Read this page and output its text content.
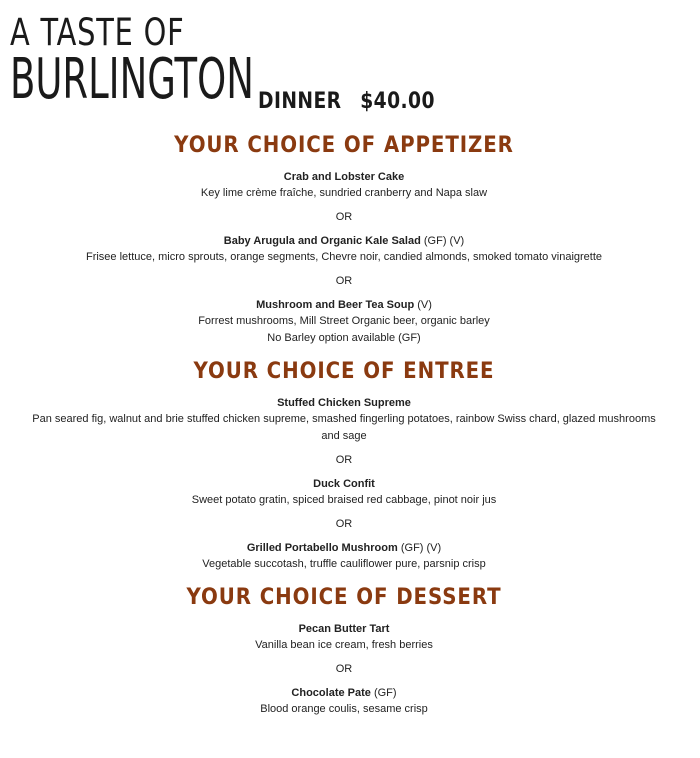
A TASTE OF
BURLINGTON DINNER $40.00
YOUR CHOICE OF APPETIZER
Crab and Lobster Cake
Key lime crème fraîche, sundried cranberry and Napa slaw
OR
Baby Arugula and Organic Kale Salad (GF) (V)
Frisee lettuce, micro sprouts, orange segments, Chevre noir, candied almonds, smoked tomato vinaigrette
OR
Mushroom and Beer Tea Soup (V)
Forrest mushrooms, Mill Street Organic beer, organic barley
No Barley option available (GF)
YOUR CHOICE OF ENTREE
Stuffed Chicken Supreme
Pan seared fig, walnut and brie stuffed chicken supreme, smashed fingerling potatoes, rainbow Swiss chard, glazed mushrooms
and sage
OR
Duck Confit
Sweet potato gratin, spiced braised red cabbage, pinot noir jus
OR
Grilled Portabello Mushroom (GF) (V)
Vegetable succotash, truffle cauliflower pure, parsnip crisp
YOUR CHOICE OF DESSERT
Pecan Butter Tart
Vanilla bean ice cream, fresh berries
OR
Chocolate Pate (GF)
Blood orange coulis, sesame crisp
